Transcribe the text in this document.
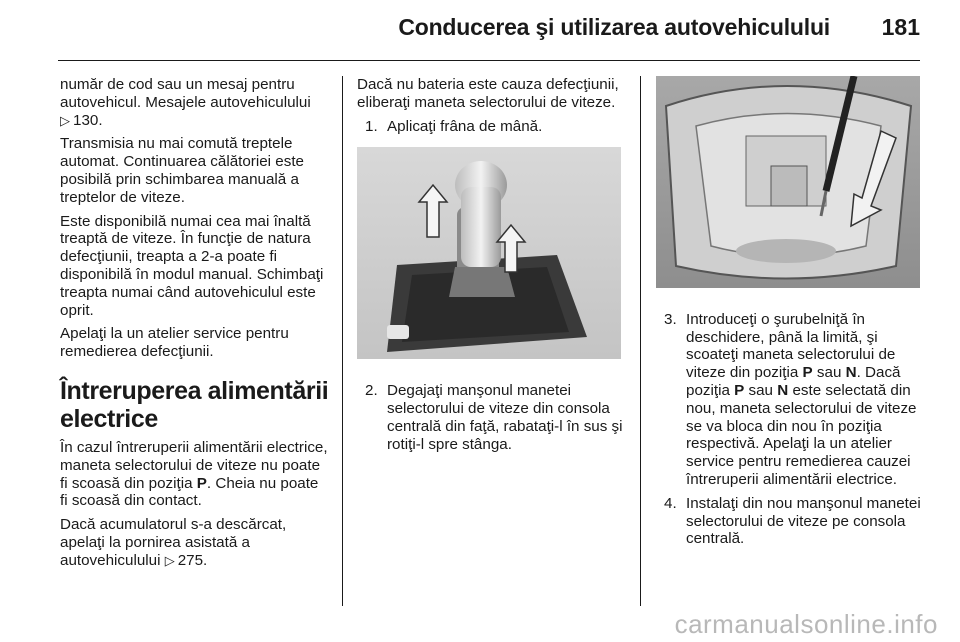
Conducerea şi utilizarea autovehiculului 181

număr de cod sau un mesaj pentru autovehicul. Mesajele autovehiculului
▷ 130.

Transmisia nu mai comută treptele automat. Continuarea călătoriei este posibilă prin schimbarea manuală a treptelor de viteze.

Este disponibilă numai cea mai înaltă treaptă de viteze. În funcţie de natura defecţiunii, treapta a 2-a poate fi disponibilă în modul manual. Schimbaţi treapta numai când autovehiculul este oprit.

Apelaţi la un atelier service pentru remedierea defecţiunii.

Întreruperea alimentării electrice

În cazul întreruperii alimentării electrice, maneta selectorului de viteze nu poate fi scoasă din poziţia P. Cheia nu poate fi scoasă din contact.

Dacă acumulatorul s-a descărcat, apelaţi la pornirea asistată a autovehiculului ▷ 275.

Dacă nu bateria este cauza defecţiunii, eliberaţi maneta selectorului de viteze.

1. Aplicaţi frâna de mână.
2. Degajaţi manşonul manetei selectorului de viteze din consola centrală din faţă, rabataţi-l în sus şi rotiţi-l spre stânga.
3. Introduceţi o şurubelniţă în deschidere, până la limită, şi scoateţi maneta selectorului de viteze din poziţia P sau N. Dacă poziţia P sau N este selectată din nou, maneta selectorului de viteze se va bloca din nou în poziţia respectivă. Apelaţi la un atelier service pentru remedierea cauzei întreruperii alimentării electrice.
4. Instalaţi din nou manşonul manetei selectorului de viteze pe consola centrală.
carmanualsonline.info
